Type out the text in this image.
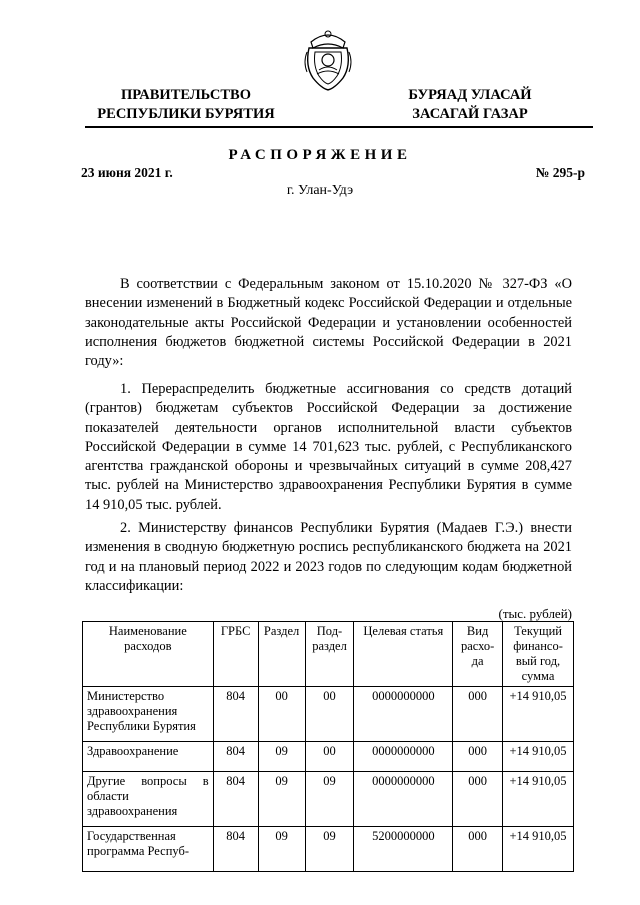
ПРАВИТЕЛЬСТВО
РЕСПУБЛИКИ БУРЯТИЯ
БУРЯАД УЛАСАЙ
ЗАСАГАЙ ГАЗАР
РАСПОРЯЖЕНИЕ
23 июня 2021 г.	№ 295-р
г. Улан-Удэ

В соответствии с Федеральным законом от 15.10.2020 № 327-ФЗ «О внесении изменений в Бюджетный кодекс Российской Федерации и отдельные законодательные акты Российской Федерации и установлении особенностей исполнения бюджетов бюджетной системы Российской Федерации в 2021 году»:

1. Перераспределить бюджетные ассигнования со средств дотаций (грантов) бюджетам субъектов Российской Федерации за достижение показателей деятельности органов исполнительной власти субъектов Российской Федерации в сумме 14 701,623 тыс. рублей, с Республиканского агентства гражданской обороны и чрезвычайных ситуаций в сумме 208,427 тыс. рублей на Министерство здравоохранения Республики Бурятия в сумме 14 910,05 тыс. рублей.

2. Министерству финансов Республики Бурятия (Мадаев Г.Э.) внести изменения в сводную бюджетную роспись республиканского бюджета на 2021 год и на плановый период 2022 и 2023 годов по следующим кодам бюджетной классификации:

(тыс. рублей)
Наименование расходов	ГРБС	Раздел	Под-раздел	Целевая статья	Вид расхо-да	Текущий финансо-вый год, сумма
Министерство здравоохранения Республики Бурятия	804	00	00	0000000000	000	+14 910,05
Здравоохранение	804	09	00	0000000000	000	+14 910,05
Другие вопросы в области здравоохранения	804	09	09	0000000000	000	+14 910,05
Государственная программа Респуб-	804	09	09	5200000000	000	+14 910,05
